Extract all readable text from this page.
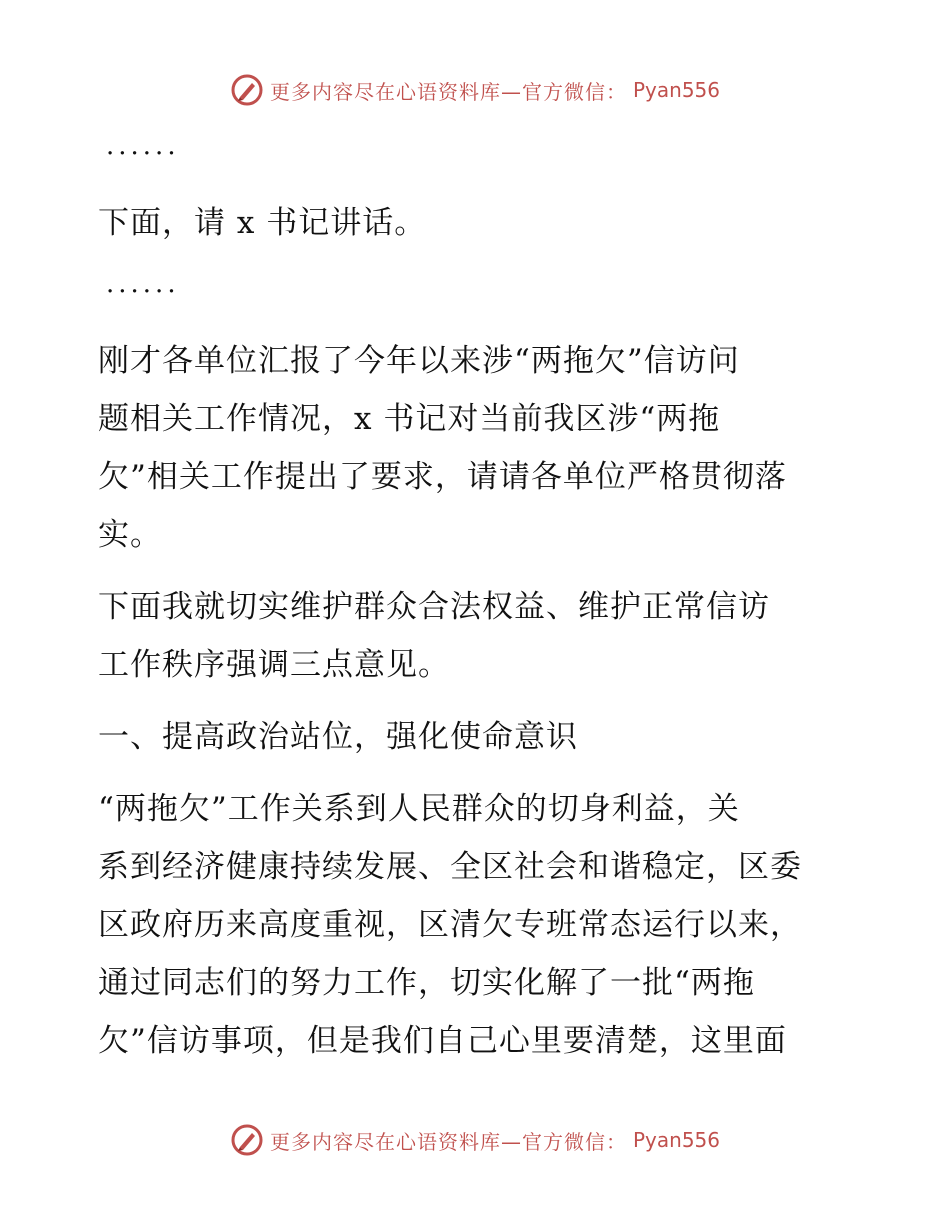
更多内容尽在心语资料库—官方微信： Pyan556
······
下面，请 x 书记讲话。
······
刚才各单位汇报了今年以来涉“两拖欠”信访问
题相关工作情况，x 书记对当前我区涉“两拖
欠”相关工作提出了要求，请请各单位严格贯彻落
实。
下面我就切实维护群众合法权益、维护正常信访
工作秩序强调三点意见。
一、提高政治站位，强化使命意识
“两拖欠”工作关系到人民群众的切身利益，关
系到经济健康持续发展、全区社会和谐稳定，区委
区政府历来高度重视，区清欠专班常态运行以来，
通过同志们的努力工作，切实化解了一批“两拖
欠”信访事项，但是我们自己心里要清楚，这里面
更多内容尽在心语资料库—官方微信： Pyan556
